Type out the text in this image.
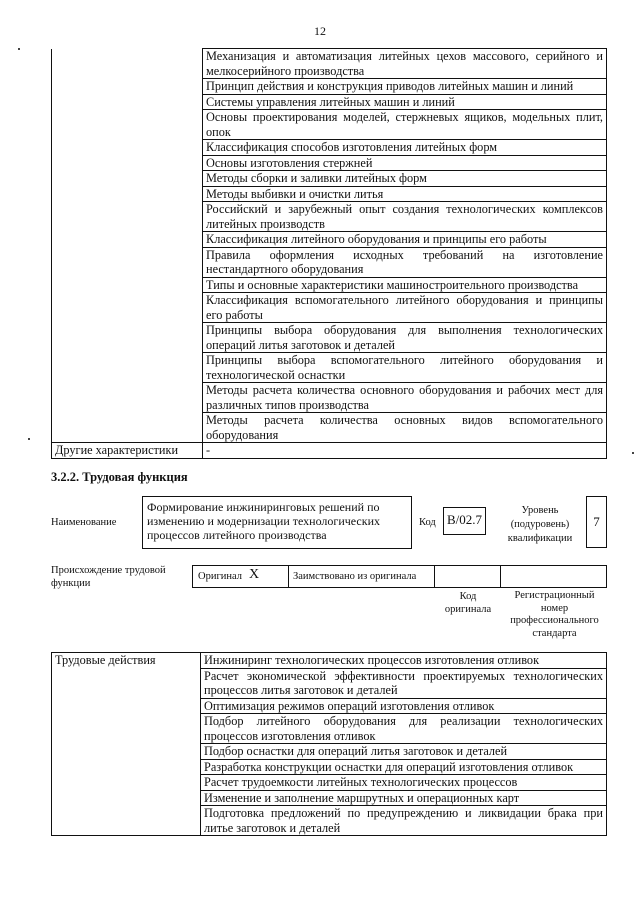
12
	Механизация и автоматизация литейных цехов массового, серийного и мелкосерийного производства
	Принцип действия и конструкция приводов литейных машин и линий
	Системы управления литейных машин и линий
	Основы проектирования моделей, стержневых ящиков, модельных плит, опок
	Классификация способов изготовления литейных форм
	Основы изготовления стержней
	Методы сборки и заливки литейных форм
	Методы выбивки и очистки литья
	Российский и зарубежный опыт создания технологических комплексов литейных производств
	Классификация литейного оборудования и принципы его работы
	Правила оформления исходных требований на изготовление нестандартного оборудования
	Типы и основные характеристики машиностроительного производства
	Классификация вспомогательного литейного оборудования и принципы его работы
	Принципы выбора оборудования для выполнения технологических операций литья заготовок и деталей
	Принципы выбора вспомогательного литейного оборудования и технологической оснастки
	Методы расчета количества основного оборудования и рабочих мест для различных типов производства
	Методы расчета количества основных видов вспомогательного оборудования
Другие характеристики	-
3.2.2. Трудовая функция
Наименование
Формирование инжиниринговых решений по изменению и модернизации технологических процессов литейного производства
Код B/02.7
Уровень (подуровень) квалификации
7
Происхождение трудовой функции
Оригинал X	Заимствовано из оригинала
Код оригинала
Регистрационный номер профессионального стандарта
Трудовые действия	Инжиниринг технологических процессов изготовления отливок
Расчет экономической эффективности проектируемых технологических процессов литья заготовок и деталей
Оптимизация режимов операций изготовления отливок
Подбор литейного оборудования для реализации технологических процессов изготовления отливок
Подбор оснастки для операций литья заготовок и деталей
Разработка конструкции оснастки для операций изготовления отливок
Расчет трудоемкости литейных технологических процессов
Изменение и заполнение маршрутных и операционных карт
Подготовка предложений по предупреждению и ликвидации брака при литье заготовок и деталей
